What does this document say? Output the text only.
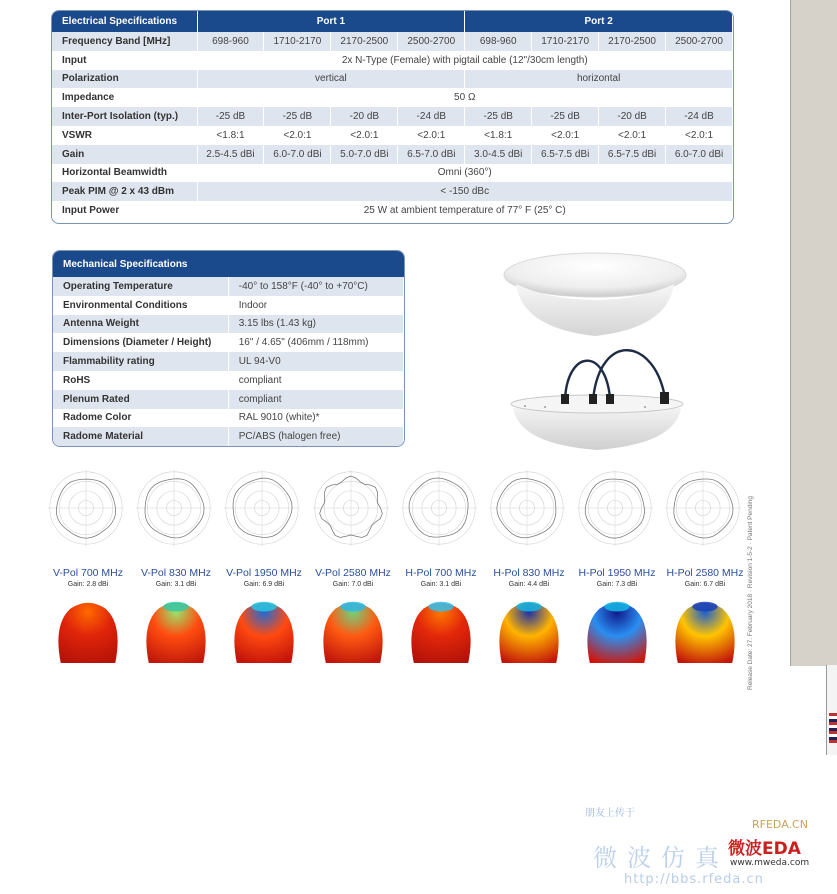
Electrical Specifications	Port 1				Port 2			
Frequency Band [MHz]	698-960	1710-2170	2170-2500	2500-2700	698-960	1710-2170	2170-2500	2500-2700
Input	2x N-Type (Female) with pigtail cable (12"/30cm length)							
Polarization	vertical				horizontal			
Impedance	50 Ω							
Inter-Port Isolation (typ.)	-25 dB	-25 dB	-20 dB	-24 dB	-25 dB	-25 dB	-20 dB	-24 dB
VSWR	<1.8:1	<2.0:1	<2.0:1	<2.0:1	<1.8:1	<2.0:1	<2.0:1	<2.0:1
Gain	2.5-4.5 dBi	6.0-7.0 dBi	5.0-7.0 dBi	6.5-7.0 dBi	3.0-4.5 dBi	6.5-7.5 dBi	6.5-7.5 dBi	6.0-7.0 dBi
Horizontal Beamwidth	Omni (360°)							
Peak PIM @ 2 x 43 dBm	< -150 dBc							
Input Power	25 W at ambient temperature of 77° F (25° C)							
Mechanical Specifications	
Operating Temperature	-40° to 158°F (-40° to +70°C)
Environmental Conditions	Indoor
Antenna Weight	3.15 lbs (1.43 kg)
Dimensions (Diameter / Height)	16" / 4.65" (406mm / 118mm)
Flammability rating	UL 94-V0
RoHS	compliant
Plenum Rated	compliant
Radome Color	RAL 9010 (white)*
Radome Material	PC/ABS (halogen free)
Release Date: 27. February 2018 · Revision 1-5-2 · Patent Pending
V-Pol 700 MHz
Gain: 2.8 dBi
V-Pol 830 MHz
Gain: 3.1 dBi
V-Pol 1950 MHz
Gain: 6.9 dBi
V-Pol 2580 MHz
Gain: 7.0 dBi
H-Pol 700 MHz
Gain: 3.1 dBi
H-Pol 830 MHz
Gain: 4.4 dBi
H-Pol 1950 MHz
Gain: 7.3 dBi
H-Pol 2580 MHz
Gain: 6.7 dBi
朋友上传于
RFEDA.CN
微波仿真 微波EDA
www.mweda.com
http://bbs.rfeda.cn
